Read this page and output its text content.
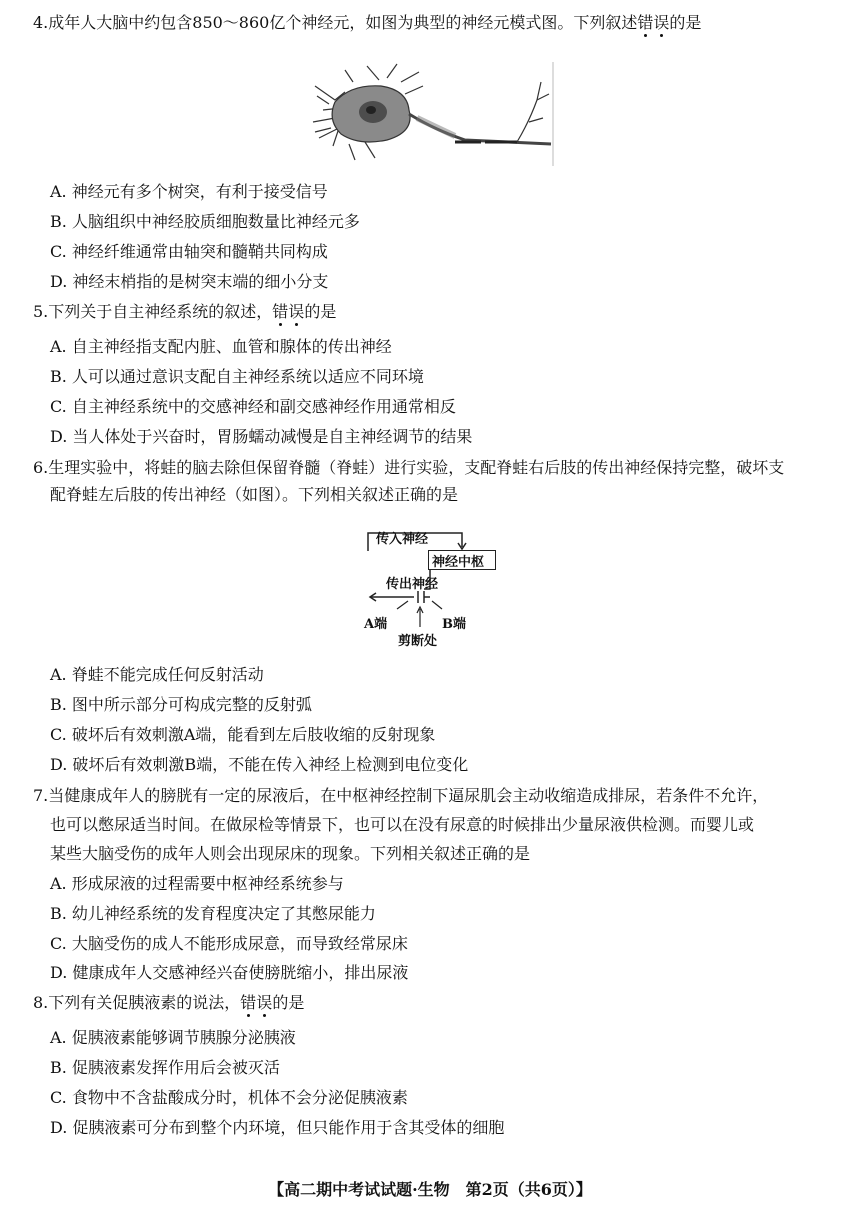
4.成年人大脑中约包含850～860亿个神经元，如图为典型的神经元模式图。下列叙述错误的是
A. 神经元有多个树突，有利于接受信号
B. 人脑组织中神经胶质细胞数量比神经元多
C. 神经纤维通常由轴突和髓鞘共同构成
D. 神经末梢指的是树突末端的细小分支
5.下列关于自主神经系统的叙述，错误的是
A. 自主神经指支配内脏、血管和腺体的传出神经
B. 人可以通过意识支配自主神经系统以适应不同环境
C. 自主神经系统中的交感神经和副交感神经作用通常相反
D. 当人体处于兴奋时，胃肠蠕动减慢是自主神经调节的结果
6.生理实验中，将蛙的脑去除但保留脊髓（脊蛙）进行实验，支配脊蛙右后肢的传出神经保持完整，破坏支
配脊蛙左后肢的传出神经（如图）。下列相关叙述正确的是
传入神经
神经中枢
传出神经
A端	B端
剪断处
A. 脊蛙不能完成任何反射活动
B. 图中所示部分可构成完整的反射弧
C. 破坏后有效刺激A端，能看到左后肢收缩的反射现象
D. 破坏后有效刺激B端，不能在传入神经上检测到电位变化
7.当健康成年人的膀胱有一定的尿液后，在中枢神经控制下逼尿肌会主动收缩造成排尿，若条件不允许，
也可以憋尿适当时间。在做尿检等情景下，也可以在没有尿意的时候排出少量尿液供检测。而婴儿或
某些大脑受伤的成年人则会出现尿床的现象。下列相关叙述正确的是
A. 形成尿液的过程需要中枢神经系统参与
B. 幼儿神经系统的发育程度决定了其憋尿能力
C. 大脑受伤的成人不能形成尿意，而导致经常尿床
D. 健康成年人交感神经兴奋使膀胱缩小，排出尿液
8.下列有关促胰液素的说法，错误的是
A. 促胰液素能够调节胰腺分泌胰液
B. 促胰液素发挥作用后会被灭活
C. 食物中不含盐酸成分时，机体不会分泌促胰液素
D. 促胰液素可分布到整个内环境，但只能作用于含其受体的细胞
【高二期中考试试题·生物　第2页（共6页）】
